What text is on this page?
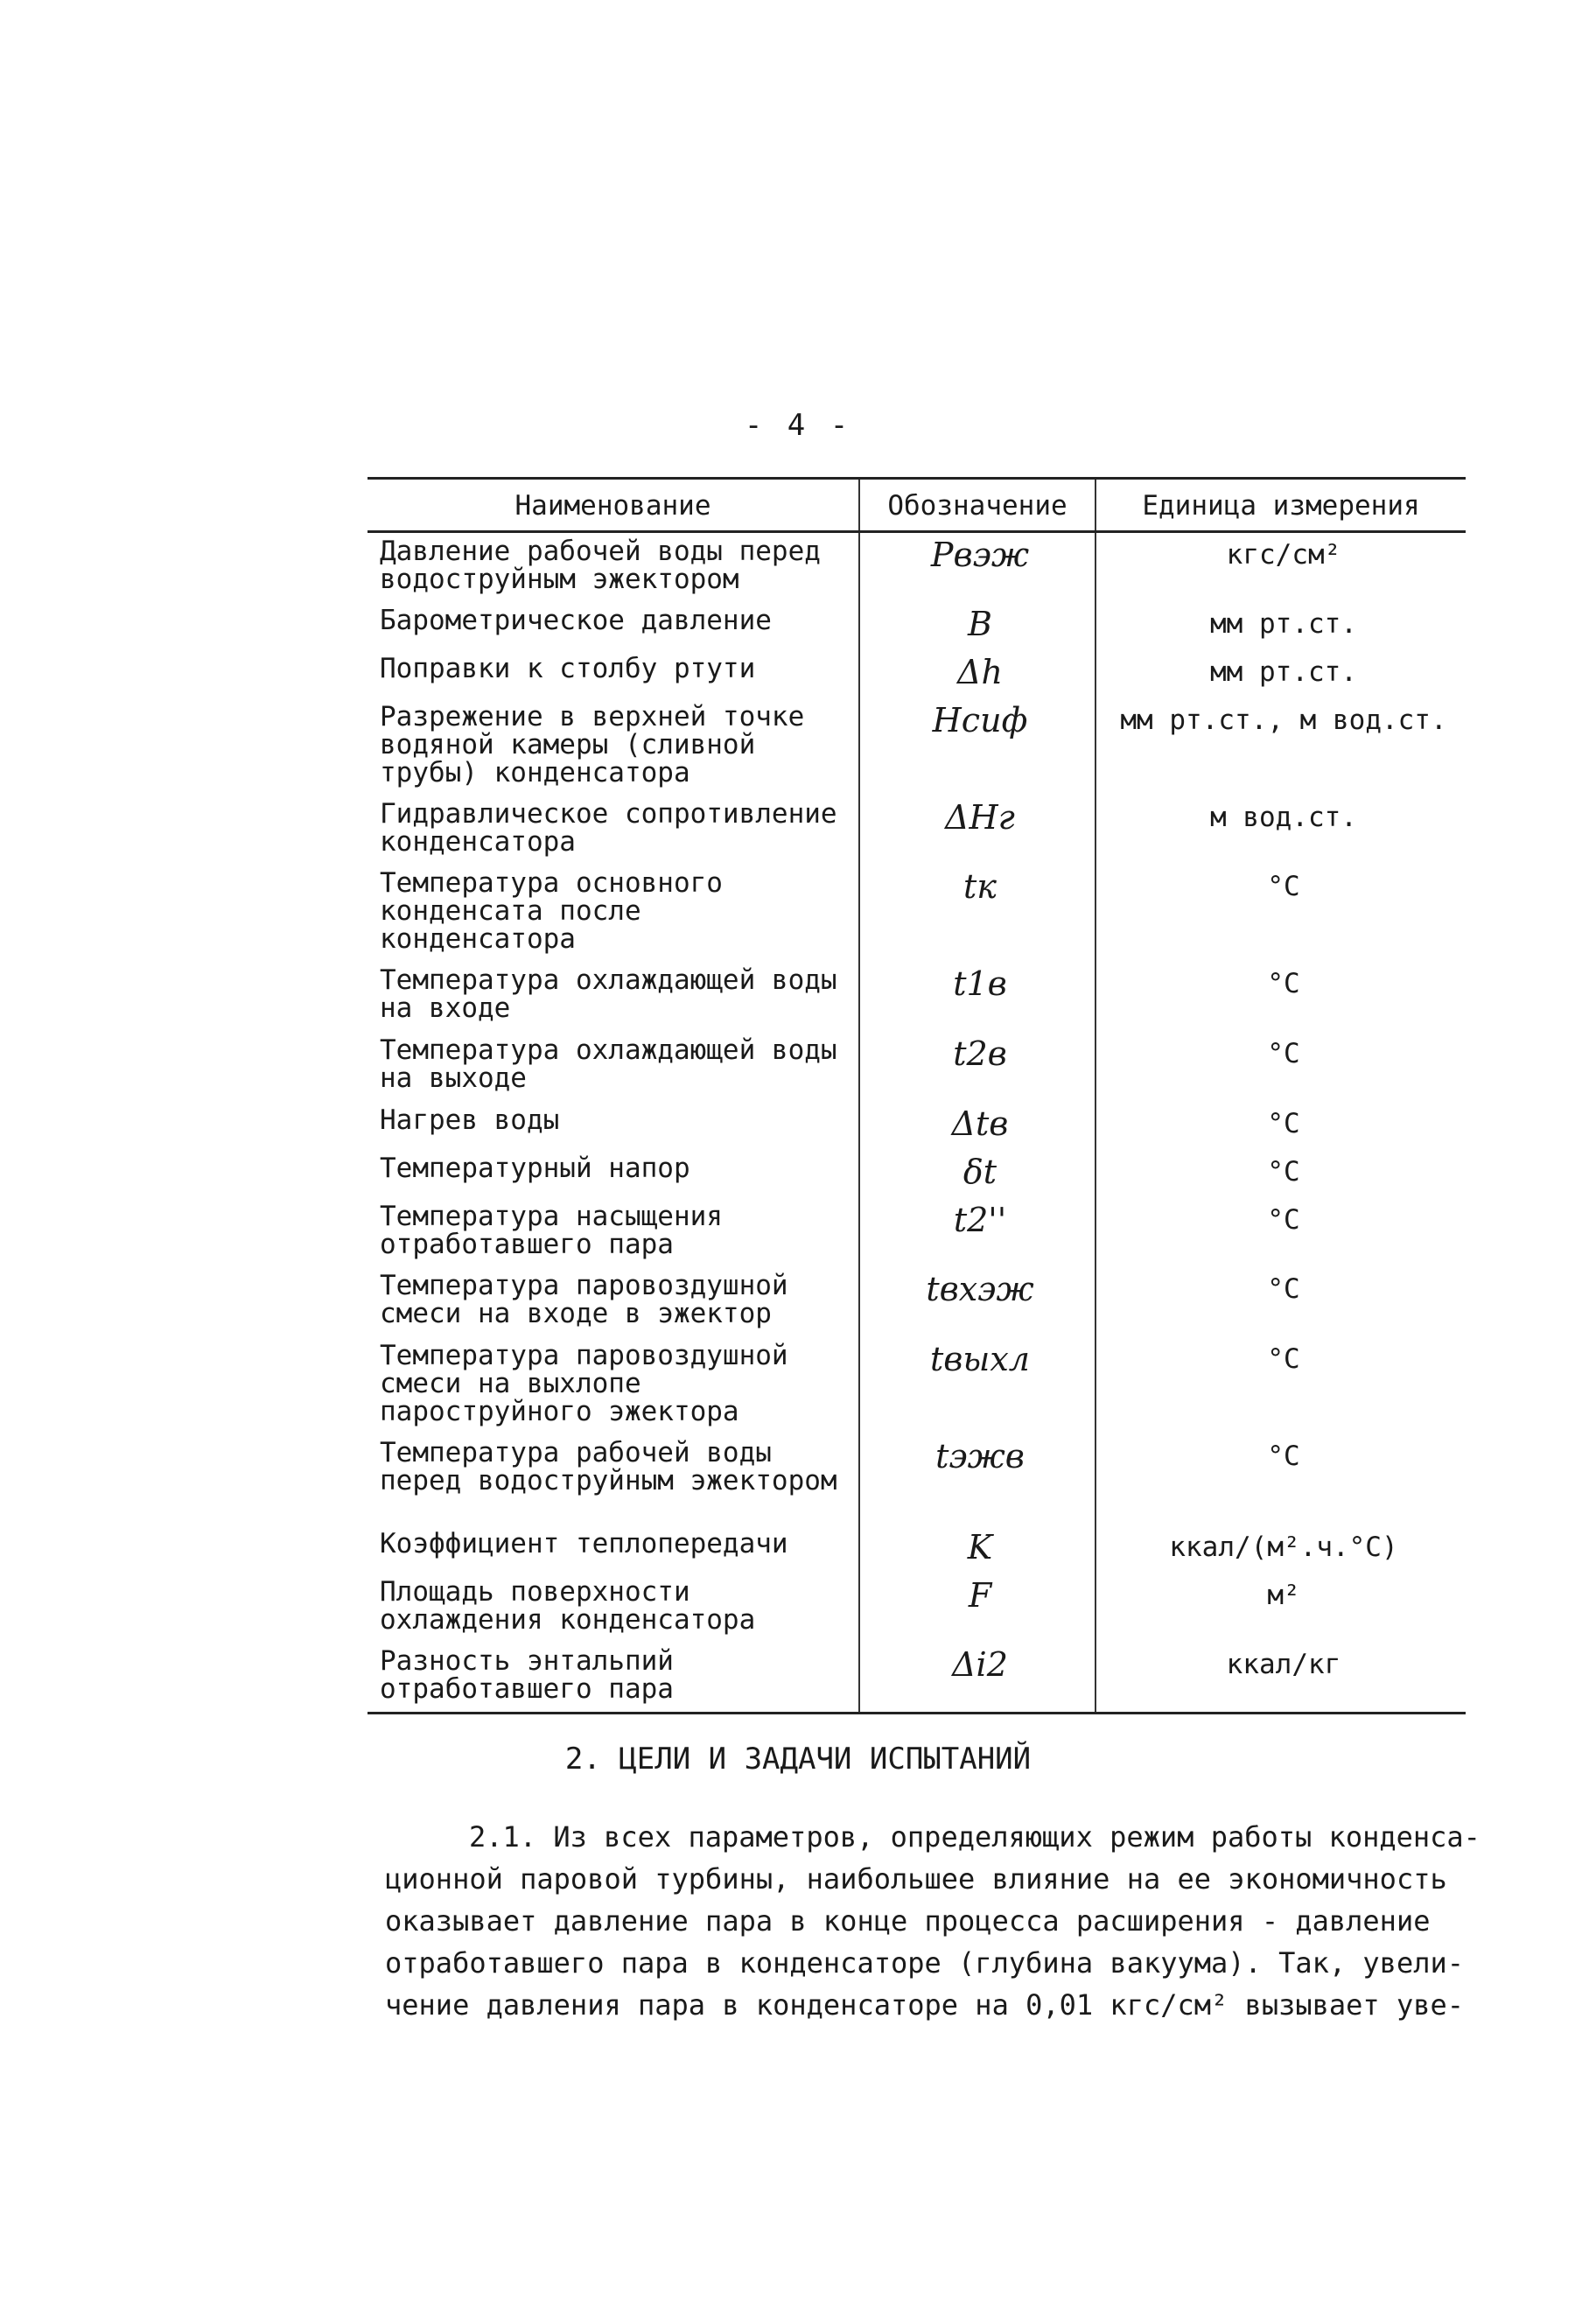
- 4 -
Наименование	Обозначение	Единица измерения
Давление рабочей воды перед водоструйным эжектором	Pвэж	кгс/см²
Барометрическое давление	B	мм рт.ст.
Поправки к столбу ртути	Δh	мм рт.ст.
Разрежение в верхней точке водяной камеры (сливной трубы) конденсатора	Hсиф	мм рт.ст., м вод.ст.
Гидравлическое сопротивление конденсатора	ΔHг	м вод.ст.
Температура основного конденсата после конденсатора	tк	°C
Температура охлаждающей воды на входе	t1в	°C
Температура охлаждающей воды на выходе	t2в	°C
Нагрев воды	Δtв	°C
Температурный напор	δt	°C
Температура насыщения отработавшего пара	t2''	°C
Температура паровоздушной смеси на входе в эжектор	tвхэж	°C
Температура паровоздушной смеси на выхлопе пароструйного эжектора	tвыхл	°C
Температура рабочей воды перед водоструйным эжектором	tэжв	°C
Коэффициент теплопередачи	K	ккал/(м².ч.°C)
Площадь поверхности охлаждения конденсатора	F	м²
Разность энтальпий отработавшего пара	Δi2	ккал/кг
2. ЦЕЛИ И ЗАДАЧИ ИСПЫТАНИЙ
2.1. Из всех параметров, определяющих режим работы конденса-
ционной паровой турбины, наибольшее влияние на ее экономичность
оказывает давление пара в конце процесса расширения - давление
отработавшего пара в конденсаторе (глубина вакуума). Так, увели-
чение давления пара в конденсаторе на 0,01 кгс/см² вызывает уве-
